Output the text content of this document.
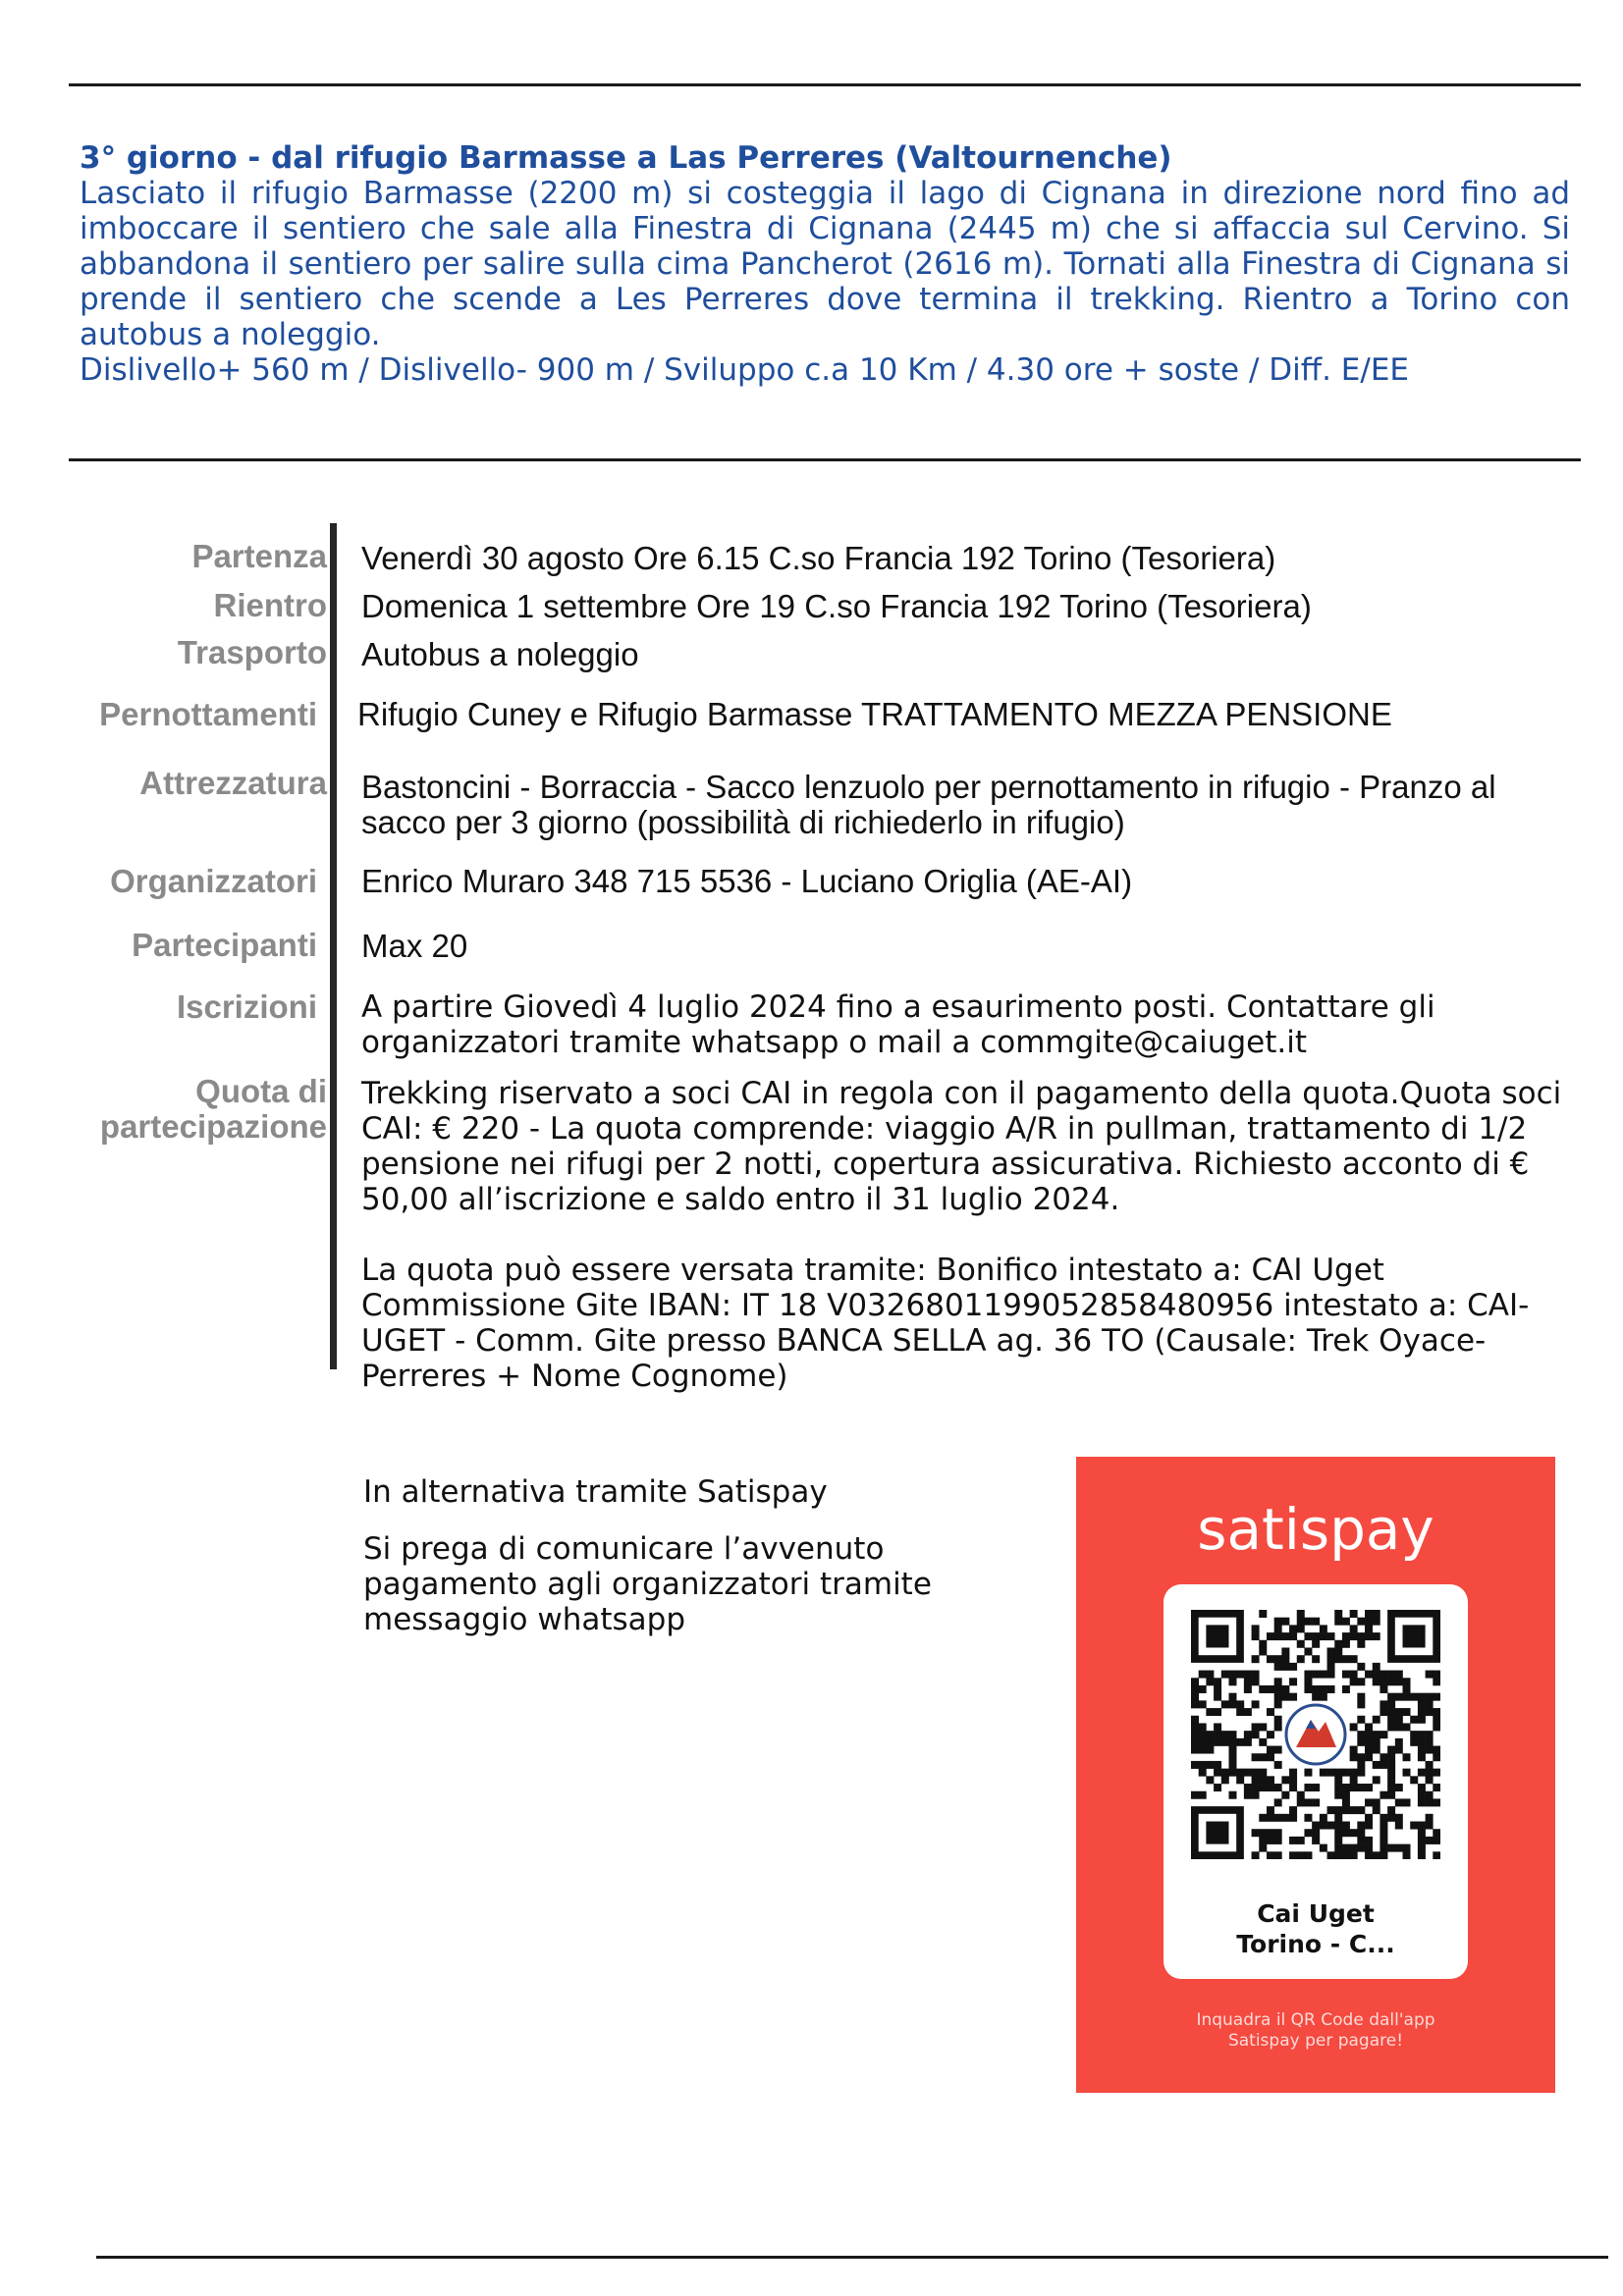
3° giorno - dal rifugio Barmasse a Las Perreres (Valtournenche)

Lasciato il rifugio Barmasse (2200 m) si costeggia il lago di Cignana in direzione nord fino ad imboccare il sentiero che sale alla Finestra di Cignana (2445 m) che si affaccia sul Cervino. Si abbandona il sentiero per salire sulla cima Pancherot (2616 m). Tornati alla Finestra di Cignana si prende il sentiero che scende a Les Perreres dove termina il trekking. Rientro a Torino con autobus a noleggio.

Dislivello+ 560 m / Dislivello- 900 m / Sviluppo c.a 10 Km / 4.30 ore + soste / Diff. E/EE

Partenza Venerdì 30 agosto Ore 6.15 C.so Francia 192 Torino (Tesoriera)
Rientro Domenica 1 settembre Ore 19 C.so Francia 192 Torino (Tesoriera)
Trasporto Autobus a noleggio
Pernottamenti Rifugio Cuney e Rifugio Barmasse TRATTAMENTO MEZZA PENSIONE
Attrezzatura Bastoncini - Borraccia - Sacco lenzuolo per pernottamento in rifugio - Pranzo al sacco per 3 giorno (possibilità di richiederlo in rifugio)
Organizzatori Enrico Muraro 348 715 5536 - Luciano Origlia (AE-AI)
Partecipanti Max 20
Iscrizioni A partire Giovedì 4 luglio 2024 fino a esaurimento posti. Contattare gli organizzatori tramite whatsapp o mail a commgite@caiuget.it
Quota di
partecipazione

Trekking riservato a soci CAI in regola con il pagamento della quota.Quota soci CAI: € 220 - La quota comprende: viaggio A/R in pullman, trattamento di 1/2 pensione nei rifugi per 2 notti, copertura assicurativa. Richiesto acconto di € 50,00 all’iscrizione e saldo entro il 31 luglio 2024.

La quota può essere versata tramite: Bonifico intestato a: CAI Uget Commissione Gite IBAN: IT 18 V0326801199052858480956 intestato a: CAI-UGET - Comm. Gite presso BANCA SELLA ag. 36 TO (Causale: Trek Oyace-Perreres + Nome Cognome)

In alternativa tramite Satispay

Si prega di comunicare l’avvenuto pagamento agli organizzatori tramite messaggio whatsapp

satispay
Cai Uget
Torino - C...
Inquadra il QR Code dall'app
Satispay per pagare!
